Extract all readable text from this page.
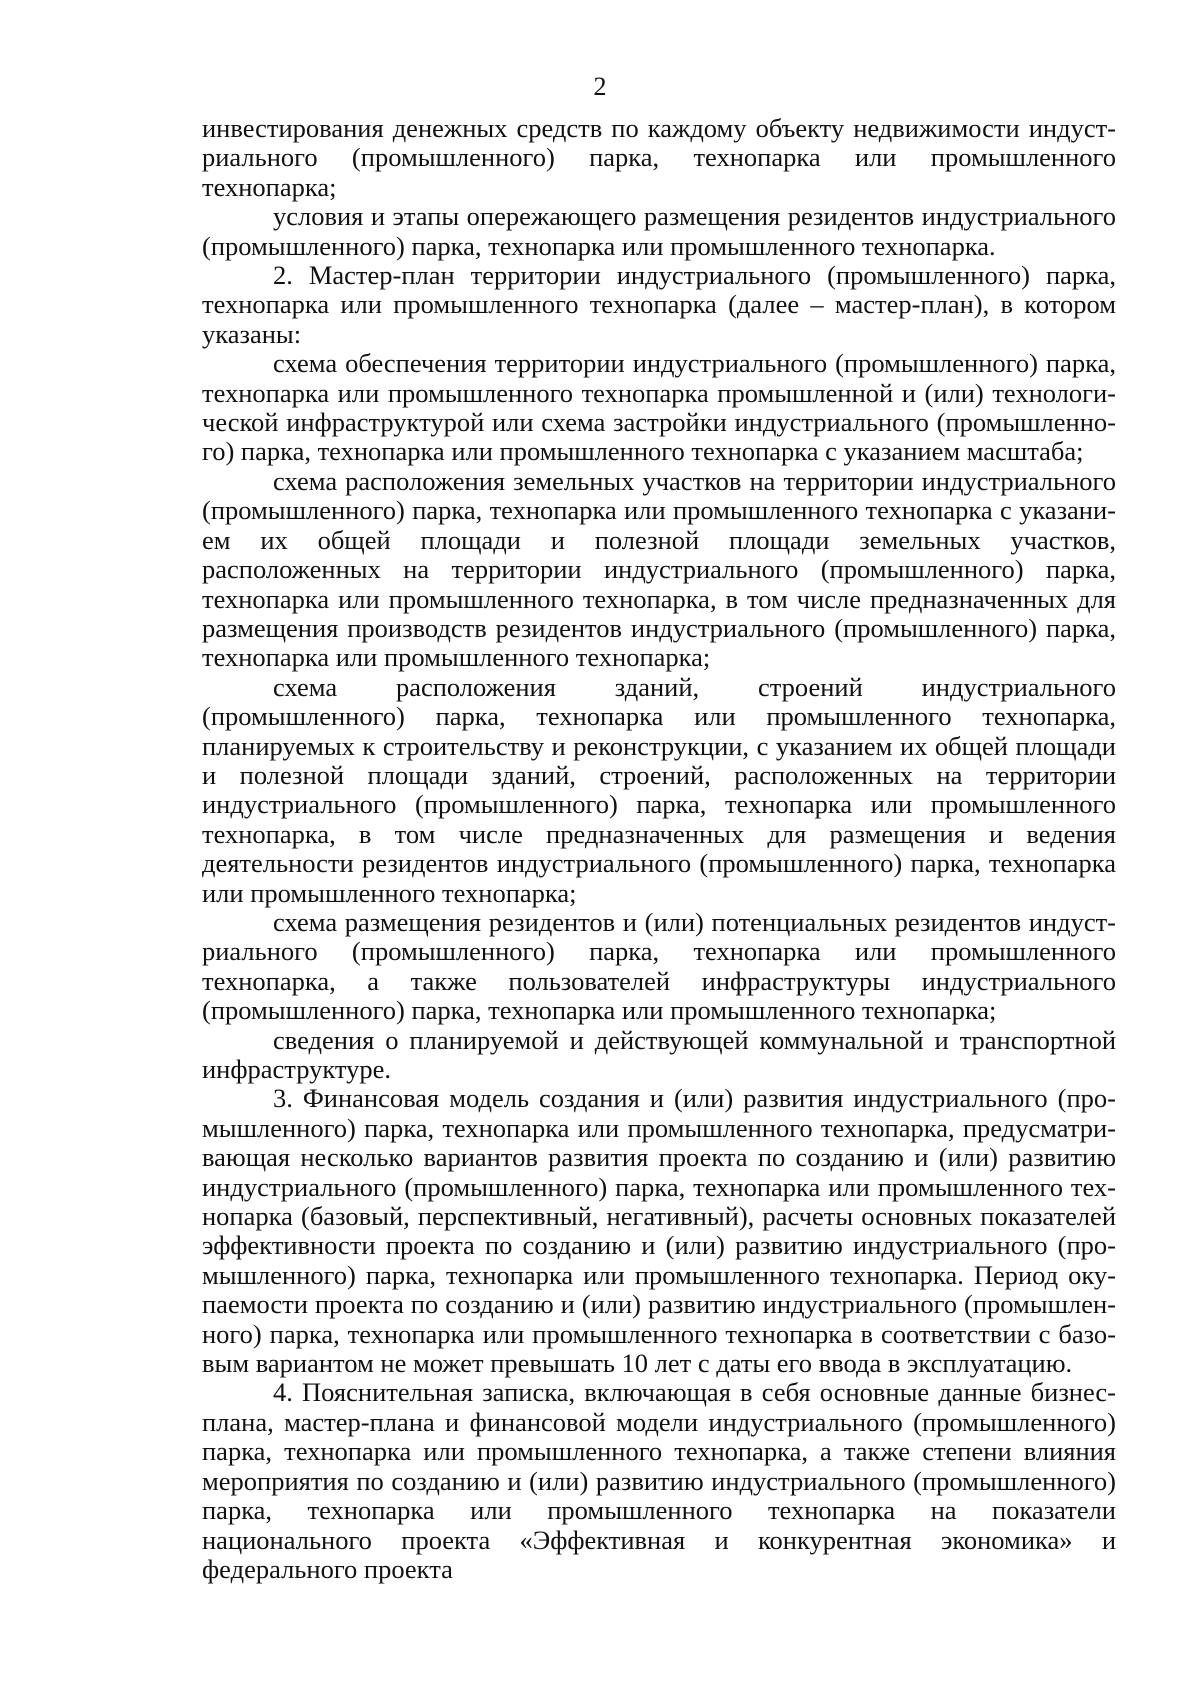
2

инвестирования денежных средств по каждому объекту недвижимости индустриального (промышленного) парка, технопарка или промышленного технопарка;

условия и этапы опережающего размещения резидентов индустриального (промышленного) парка, технопарка или промышленного технопарка.

2. Мастер-план территории индустриального (промышленного) парка, технопарка или промышленного технопарка (далее – мастер-план), в котором указаны:

схема обеспечения территории индустриального (промышленного) парка, технопарка или промышленного технопарка промышленной и (или) технологической инфраструктурой или схема застройки индустриального (промышленного) парка, технопарка или промышленного технопарка с указанием масштаба;

схема расположения земельных участков на территории индустриального (промышленного) парка, технопарка или промышленного технопарка с указанием их общей площади и полезной площади земельных участков, расположенных на территории индустриального (промышленного) парка, технопарка или промышленного технопарка, в том числе предназначенных для размещения производств резидентов индустриального (промышленного) парка, технопарка или промышленного технопарка;

схема расположения зданий, строений индустриального (промышленного) парка, технопарка или промышленного технопарка, планируемых к строительству и реконструкции, с указанием их общей площади и полезной площади зданий, строений, расположенных на территории индустриального (промышленного) парка, технопарка или промышленного технопарка, в том числе предназначенных для размещения и ведения деятельности резидентов индустриального (промышленного) парка, технопарка или промышленного технопарка;

схема размещения резидентов и (или) потенциальных резидентов индустриального (промышленного) парка, технопарка или промышленного технопарка, а также пользователей инфраструктуры индустриального (промышленного) парка, технопарка или промышленного технопарка;

сведения о планируемой и действующей коммунальной и транспортной инфраструктуре.

3. Финансовая модель создания и (или) развития индустриального (промышленного) парка, технопарка или промышленного технопарка, предусматривающая несколько вариантов развития проекта по созданию и (или) развитию индустриального (промышленного) парка, технопарка или промышленного технопарка (базовый, перспективный, негативный), расчеты основных показателей эффективности проекта по созданию и (или) развитию индустриального (промышленного) парка, технопарка или промышленного технопарка. Период окупаемости проекта по созданию и (или) развитию индустриального (промышленного) парка, технопарка или промышленного технопарка в соответствии с базовым вариантом не может превышать 10 лет с даты его ввода в эксплуатацию.

4. Пояснительная записка, включающая в себя основные данные бизнесплана, мастер-плана и финансовой модели индустриального (промышленного) парка, технопарка или промышленного технопарка, а также степени влияния мероприятия по созданию и (или) развитию индустриального (промышленного) парка, технопарка или промышленного технопарка на показатели национального проекта «Эффективная и конкурентная экономика» и федерального проекта
